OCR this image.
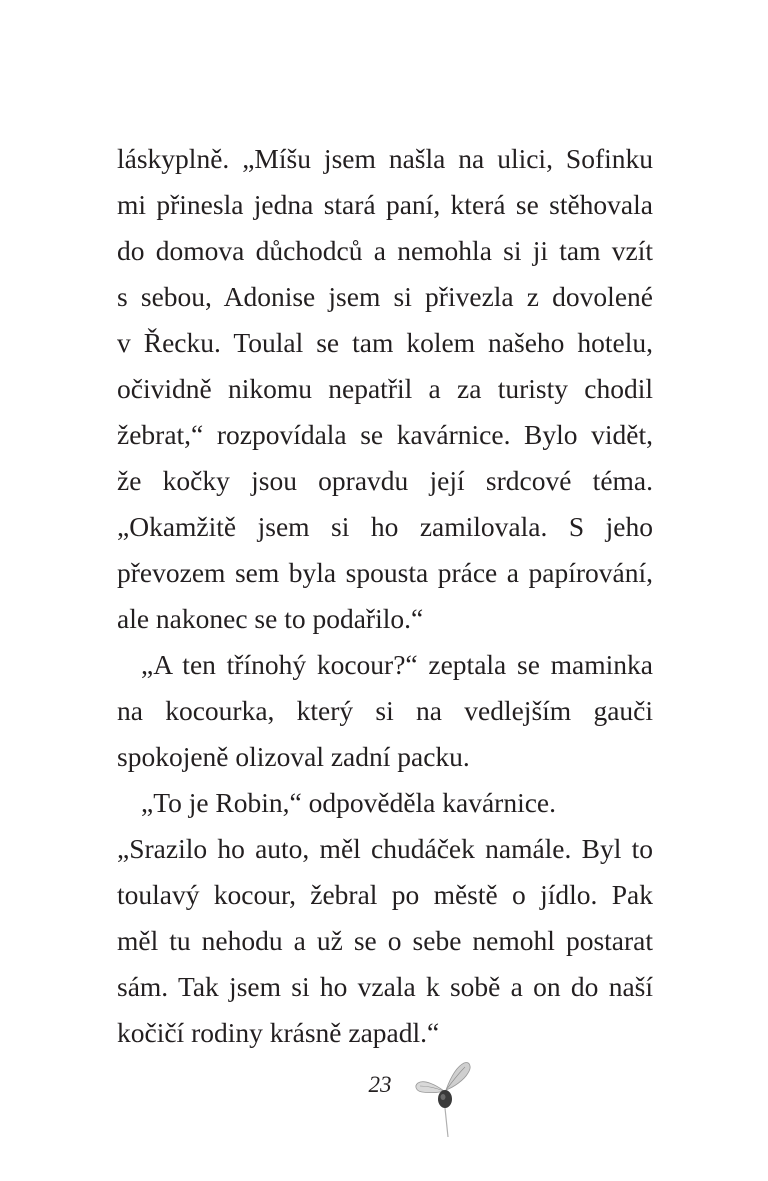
láskyplně. „Míšu jsem našla na ulici, Sofinku
mi přinesla jedna stará paní, která se stěhovala
do domova důchodců a nemohla si ji tam vzít
s sebou, Adonise jsem si přivezla z dovolené
v Řecku. Toulal se tam kolem našeho hotelu,
očividně nikomu nepatřil a za turisty chodil
žebrat,“ rozpovídala se kavárnice. Bylo vidět,
že kočky jsou opravdu její srdcové téma.
„Okamžitě jsem si ho zamilovala. S jeho
převozem sem byla spousta práce a papírování,
ale nakonec se to podařilo.“
„A ten třínohý kocour?“ zeptala se maminka
na kocourka, který si na vedlejším gauči
spokojeně olizoval zadní packu.
„To je Robin,“ odpověděla kavárnice.
„Srazilo ho auto, měl chudáček namále. Byl to
toulavý kocour, žebral po městě o jídlo. Pak
měl tu nehodu a už se o sebe nemohl postarat
sám. Tak jsem si ho vzala k sobě a on do naší
kočičí rodiny krásně zapadl.“
23
